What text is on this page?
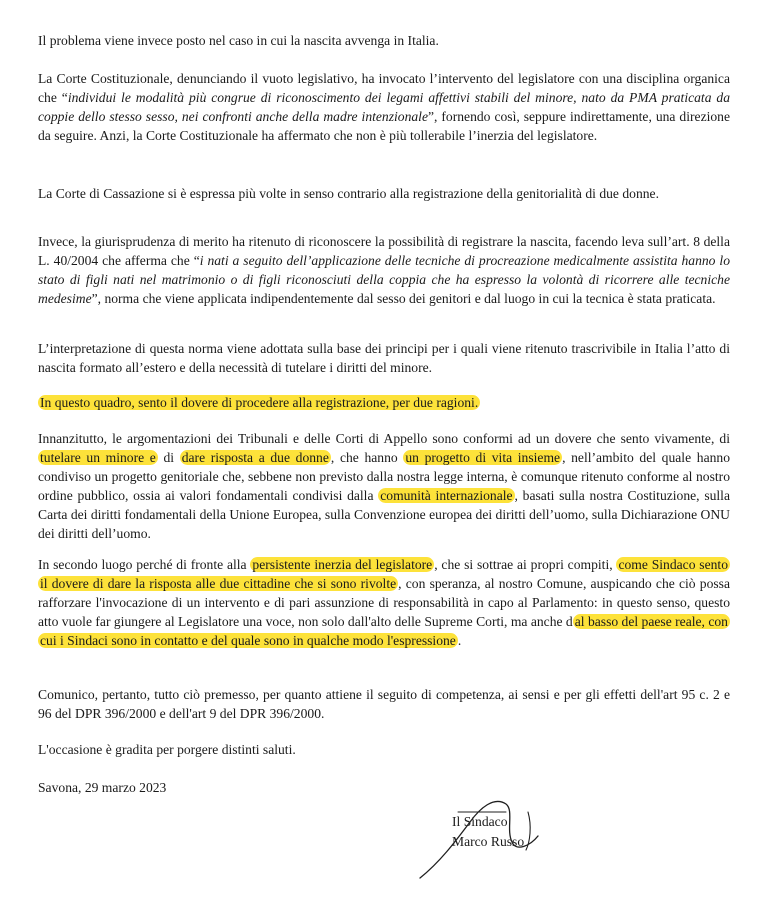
Il problema viene invece posto nel caso in cui la nascita avvenga in Italia.

La Corte Costituzionale, denunciando il vuoto legislativo, ha invocato l’intervento del legislatore con una disciplina organica che “individui le modalità più congrue di riconoscimento dei legami affettivi stabili del minore, nato da PMA praticata da coppie dello stesso sesso, nei confronti anche della madre intenzionale”, fornendo così, seppure indirettamente, una direzione da seguire. Anzi, la Corte Costituzionale ha affermato che non è più tollerabile l’inerzia del legislatore.

La Corte di Cassazione si è espressa più volte in senso contrario alla registrazione della genitorialità di due donne.

Invece, la giurisprudenza di merito ha ritenuto di riconoscere la possibilità di registrare la nascita, facendo leva sull’art. 8 della L. 40/2004 che afferma che “i nati a seguito dell’applicazione delle tecniche di procreazione medicalmente assistita hanno lo stato di figli nati nel matrimonio o di figli riconosciuti della coppia che ha espresso la volontà di ricorrere alle tecniche medesime”, norma che viene applicata indipendentemente dal sesso dei genitori e dal luogo in cui la tecnica è stata praticata.

L’interpretazione di questa norma viene adottata sulla base dei principi per i quali viene ritenuto trascrivibile in Italia l’atto di nascita formato all’estero e della necessità di tutelare i diritti del minore.

In questo quadro, sento il dovere di procedere alla registrazione, per due ragioni.

Innanzitutto, le argomentazioni dei Tribunali e delle Corti di Appello sono conformi ad un dovere che sento vivamente, di tutelare un minore e di dare risposta a due donne , che hanno un progetto di vita insieme , nell’ambito del quale hanno condiviso un progetto genitoriale che, sebbene non previsto dalla nostra legge interna, è comunque ritenuto conforme al nostro ordine pubblico, ossia ai valori fondamentali condivisi dalla comunità internazionale , basati sulla nostra Costituzione, sulla Carta dei diritti fondamentali della Unione Europea, sulla Convenzione europea dei diritti dell’uomo, sulla Dichiarazione ONU dei diritti dell’uomo.

In secondo luogo perché di fronte alla persistente inerzia del legislatore , che si sottrae ai propri compiti, come Sindaco sento il dovere di dare la risposta alle due cittadine che si sono rivolte , con speranza, al nostro Comune, auspicando che ciò possa rafforzare l'invocazione di un intervento e di pari assunzione di responsabilità in capo al Parlamento: in questo senso, questo atto vuole far giungere al Legislatore una voce, non solo dall'alto delle Supreme Corti, ma anche d al basso del paese reale, con cui i Sindaci sono in contatto e del quale sono in qualche modo l'espressione .

Comunico, pertanto, tutto ciò premesso, per quanto attiene il seguito di competenza, ai sensi e per gli effetti dell'art 95 c. 2 e 96 del DPR 396/2000 e dell'art 9 del DPR 396/2000.

L'occasione è gradita per porgere distinti saluti.

Savona, 29 marzo 2023

Il Sindaco

Marco Russo
